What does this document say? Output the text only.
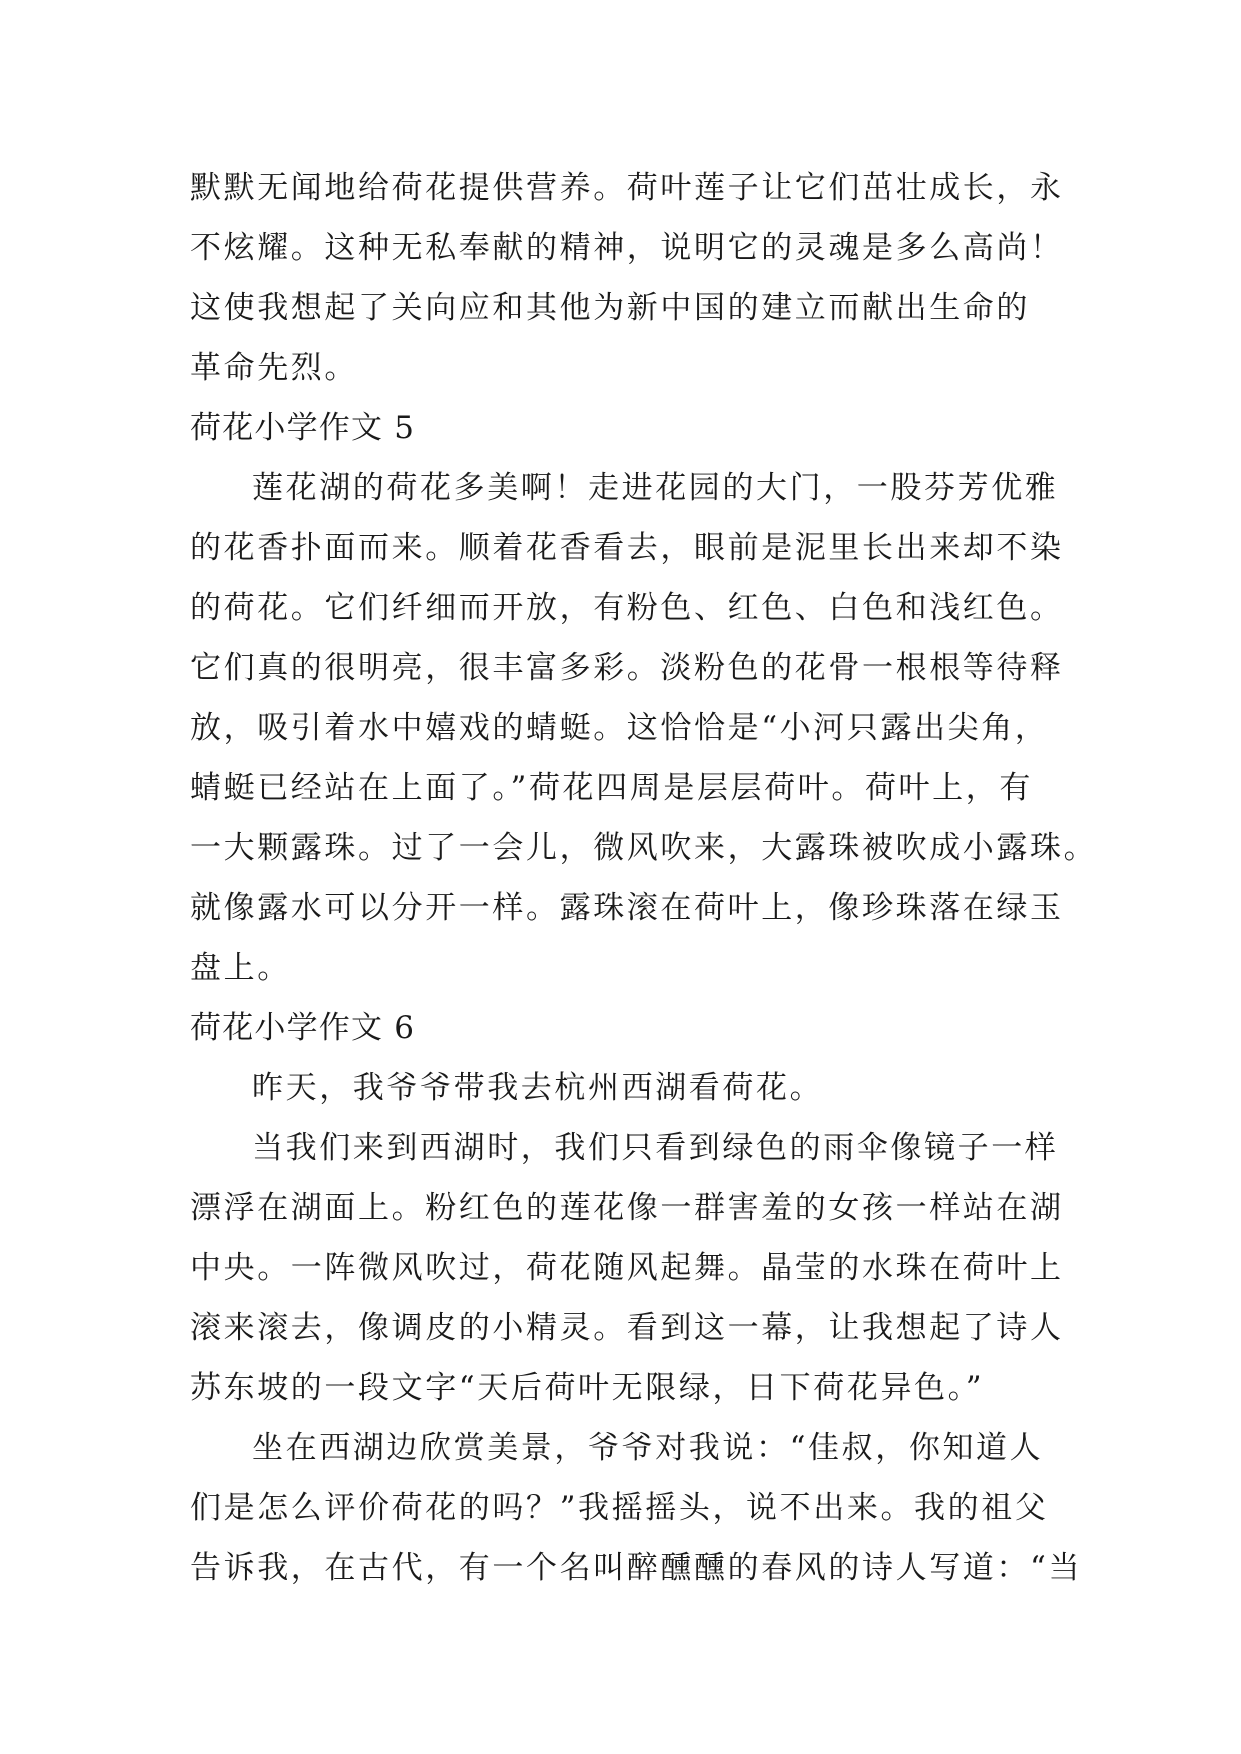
默默无闻地给荷花提供营养。荷叶莲子让它们茁壮成长，永
不炫耀。这种无私奉献的精神，说明它的灵魂是多么高尚！
这使我想起了关向应和其他为新中国的建立而献出生命的
革命先烈。
荷花小学作文 5
莲花湖的荷花多美啊！走进花园的大门，一股芬芳优雅
的花香扑面而来。顺着花香看去，眼前是泥里长出来却不染
的荷花。它们纤细而开放，有粉色、红色、白色和浅红色。
它们真的很明亮，很丰富多彩。淡粉色的花骨一根根等待释
放，吸引着水中嬉戏的蜻蜓。这恰恰是“小河只露出尖角，
蜻蜓已经站在上面了。”荷花四周是层层荷叶。荷叶上，有
一大颗露珠。过了一会儿，微风吹来，大露珠被吹成小露珠。
就像露水可以分开一样。露珠滚在荷叶上，像珍珠落在绿玉
盘上。
荷花小学作文 6
昨天，我爷爷带我去杭州西湖看荷花。
当我们来到西湖时，我们只看到绿色的雨伞像镜子一样
漂浮在湖面上。粉红色的莲花像一群害羞的女孩一样站在湖
中央。一阵微风吹过，荷花随风起舞。晶莹的水珠在荷叶上
滚来滚去，像调皮的小精灵。看到这一幕，让我想起了诗人
苏东坡的一段文字“天后荷叶无限绿，日下荷花异色。”
坐在西湖边欣赏美景，爷爷对我说：“佳叔，你知道人
们是怎么评价荷花的吗？”我摇摇头，说不出来。我的祖父
告诉我，在古代，有一个名叫醉醺醺的春风的诗人写道：“当
